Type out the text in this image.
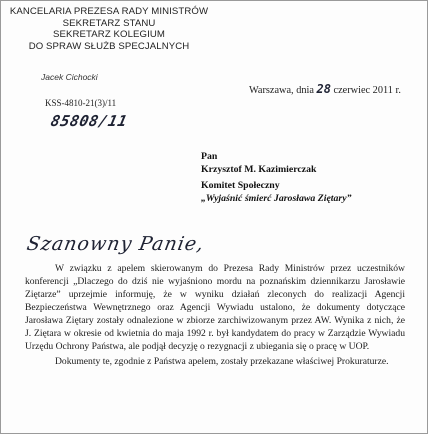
KANCELARIA PREZESA RADY MINISTRÓW
SEKRETARZ STANU
SEKRETARZ KOLEGIUM
DO SPRAW SŁUŻB SPECJALNYCH
Jacek Cichocki
KSS-4810-21(3)/11
85808/11
Warszawa, dnia 28 czerwiec 2011 r.
Pan
Krzysztof M. Kazimierczak
Komitet Społeczny
„Wyjaśnić śmierć Jarosława Ziętary”
Szanowny Panie,

W związku z apelem skierowanym do Prezesa Rady Ministrów przez uczestników konferencji „Dlaczego do dziś nie wyjaśniono mordu na poznańskim dziennikarzu Jarosławie Ziętarze” uprzejmie informuję, że w wyniku działań zleconych do realizacji Agencji Bezpieczeństwa Wewnętrznego oraz Agencji Wywiadu ustalono, że dokumenty dotyczące Jarosława Ziętary zostały odnalezione w zbiorze zarchiwizowanym przez AW. Wynika z nich, że J. Ziętara w okresie od kwietnia do maja 1992 r. był kandydatem do pracy w Zarządzie Wywiadu Urzędu Ochrony Państwa, ale podjął decyzję o rezygnacji z ubiegania się o pracę w UOP.

Dokumenty te, zgodnie z Państwa apelem, zostały przekazane właściwej Prokuraturze.
